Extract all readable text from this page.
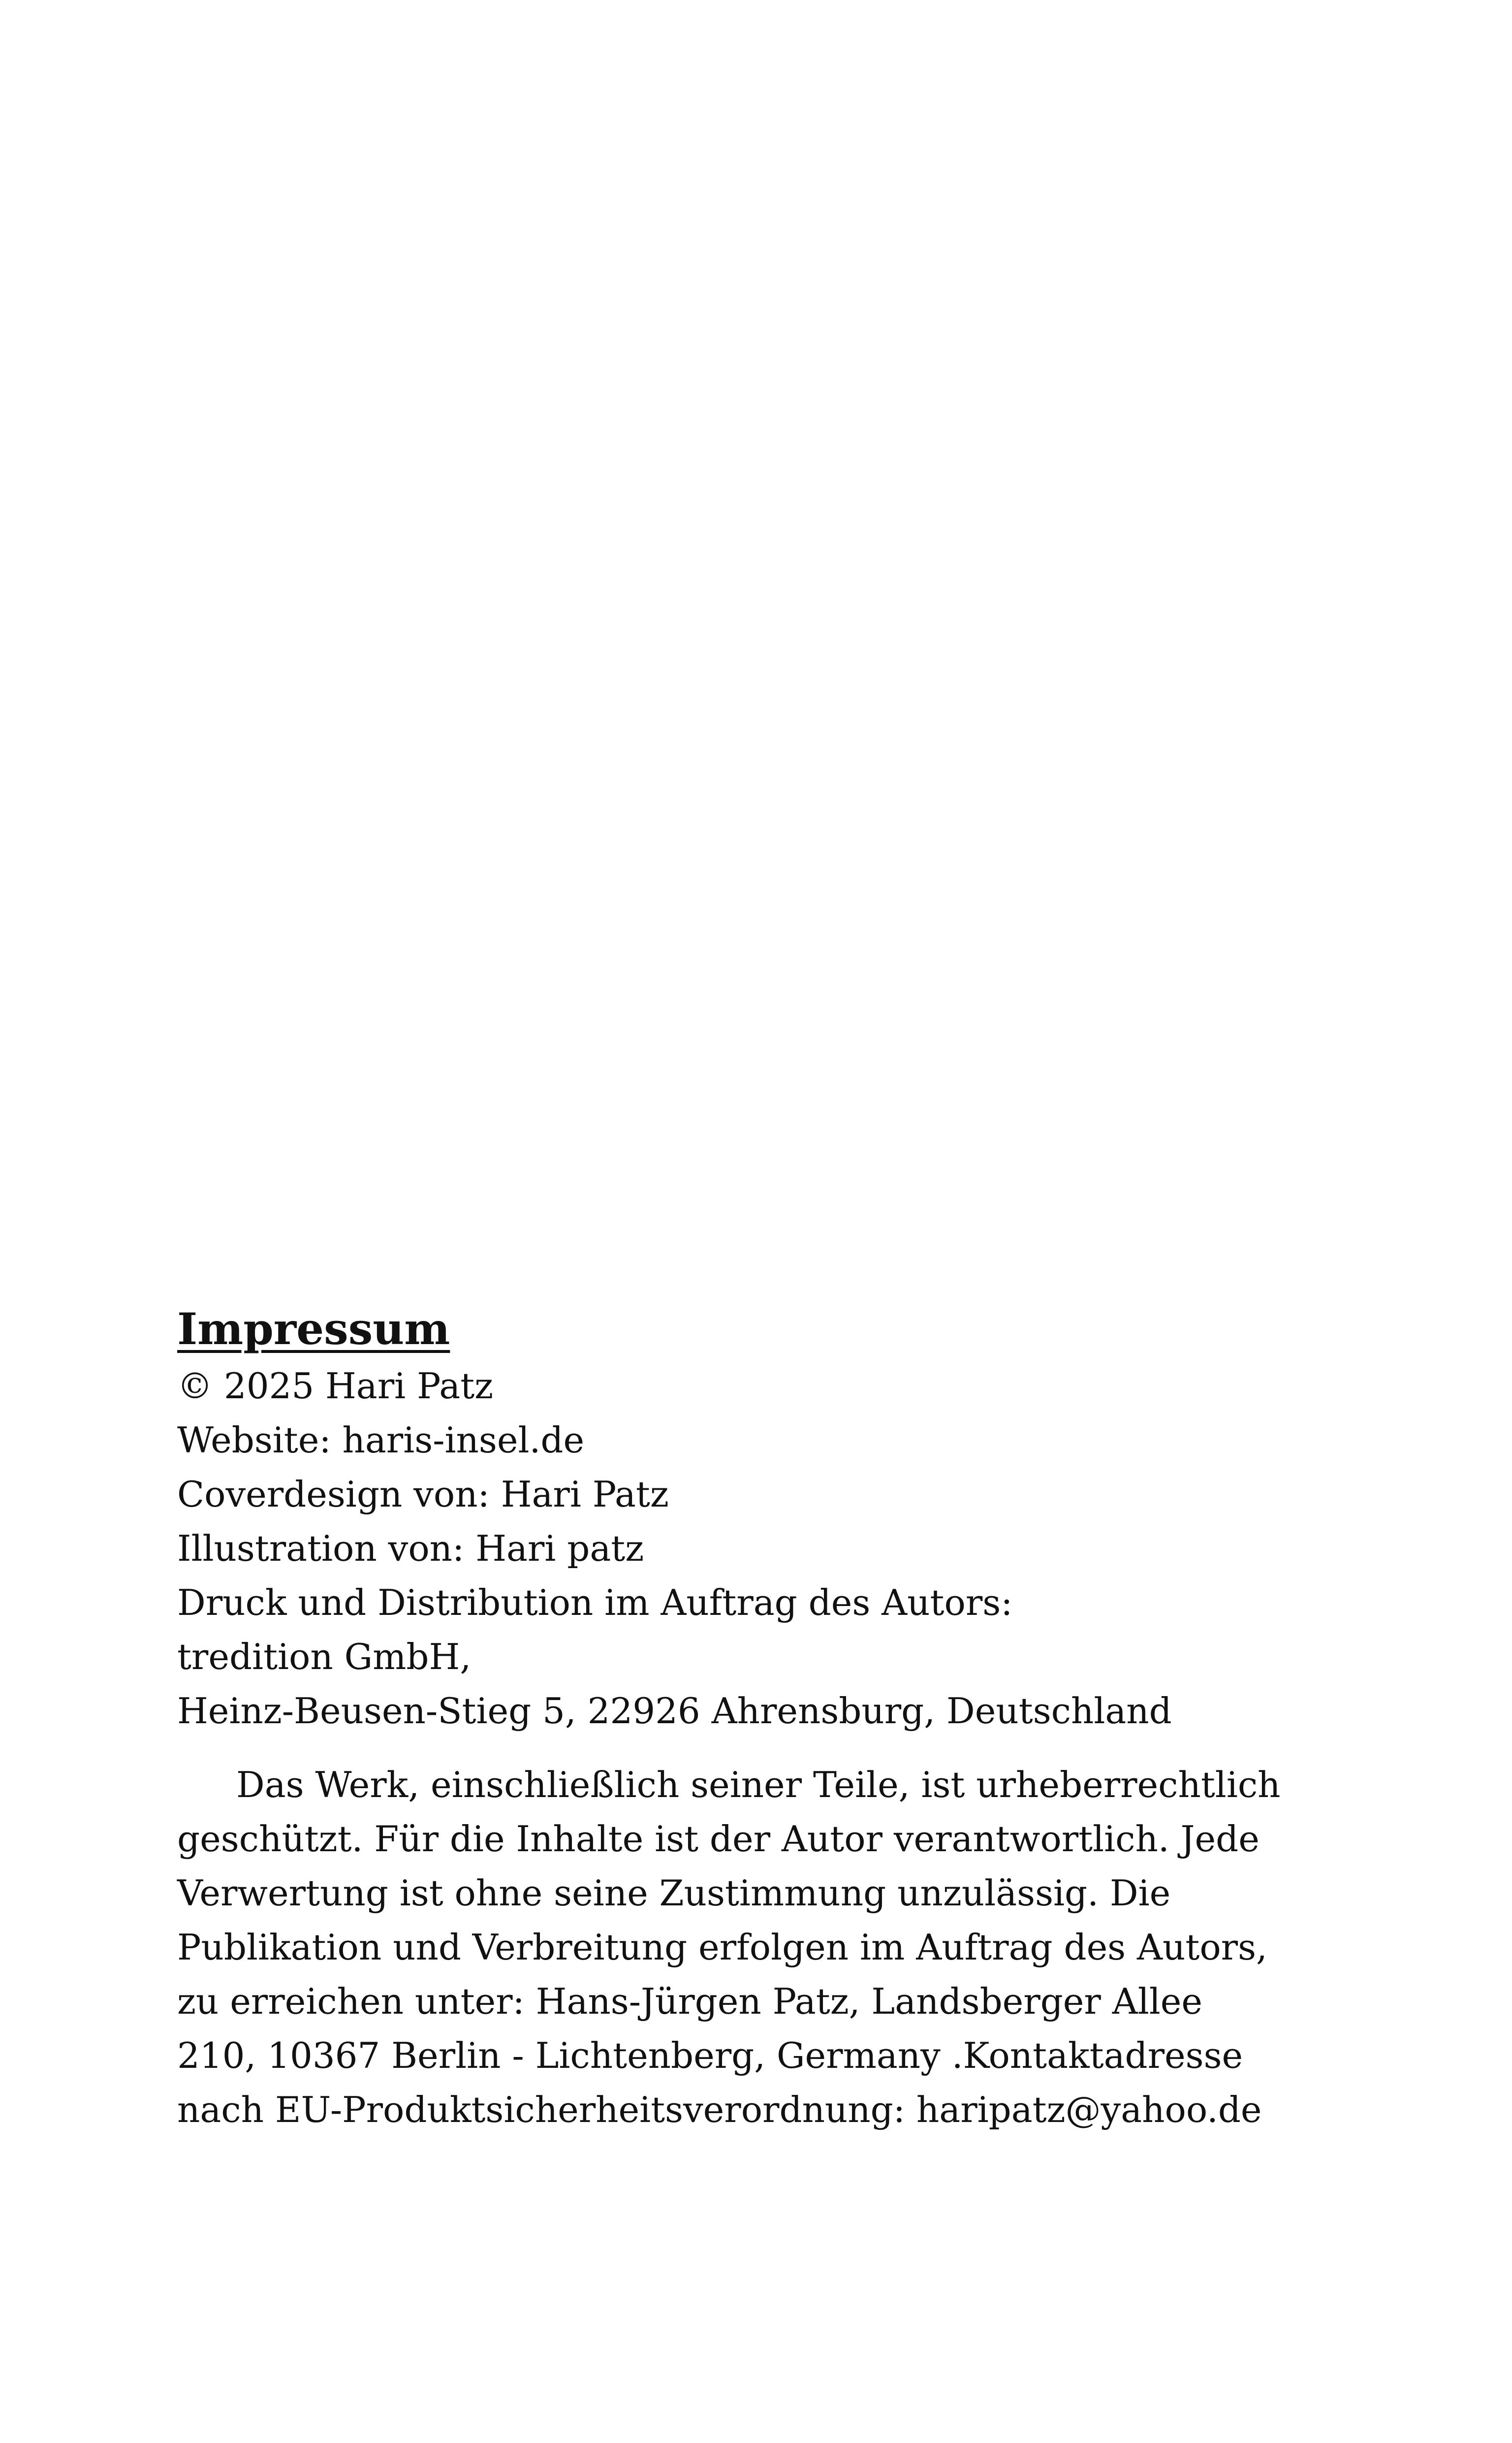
Impressum
© 2025 Hari Patz
Website: haris-insel.de
Coverdesign von: Hari Patz
Illustration von: Hari patz
Druck und Distribution im Auftrag des Autors:
tredition GmbH,
Heinz-Beusen-Stieg 5, 22926 Ahrensburg, Deutschland
Das Werk, einschließlich seiner Teile, ist urheberrechtlich
geschützt. Für die Inhalte ist der Autor verantwortlich. Jede
Verwertung ist ohne seine Zustimmung unzulässig. Die
Publikation und Verbreitung erfolgen im Auftrag des Autors,
zu erreichen unter: Hans-Jürgen Patz, Landsberger Allee
210, 10367 Berlin - Lichtenberg, Germany .Kontaktadresse
nach EU-Produktsicherheitsverordnung: haripatz@yahoo.de
